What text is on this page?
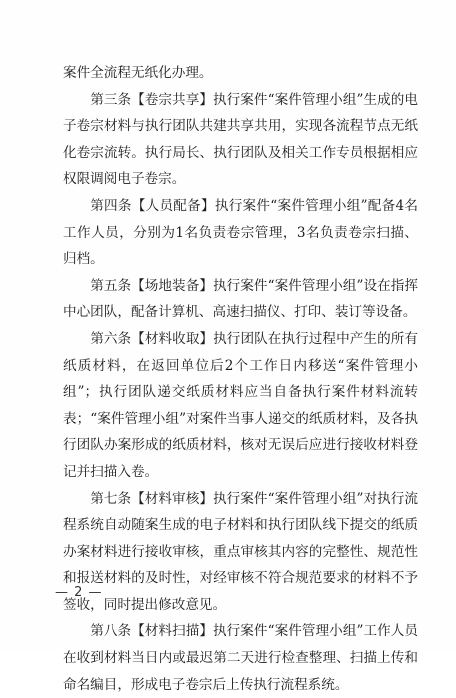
案件全流程无纸化办理。

第三条【卷宗共享】执行案件“案件管理小组”生成的电子卷宗材料与执行团队共建共享共用，实现各流程节点无纸化卷宗流转。执行局长、执行团队及相关工作专员根据相应权限调阅电子卷宗。

第四条【人员配备】执行案件“案件管理小组”配备4名工作人员，分别为1名负责卷宗管理，3名负责卷宗扫描、归档。

第五条【场地装备】执行案件“案件管理小组”设在指挥中心团队，配备计算机、高速扫描仪、打印、装订等设备。

第六条【材料收取】执行团队在执行过程中产生的所有纸质材料，在返回单位后2个工作日内移送“案件管理小组”；执行团队递交纸质材料应当自备执行案件材料流转表；“案件管理小组”对案件当事人递交的纸质材料，及各执行团队办案形成的纸质材料，核对无误后应进行接收材料登记并扫描入卷。

第七条【材料审核】执行案件“案件管理小组”对执行流程系统自动随案生成的电子材料和执行团队线下提交的纸质办案材料进行接收审核，重点审核其内容的完整性、规范性和报送材料的及时性，对经审核不符合规范要求的材料不予签收，同时提出修改意见。

第八条【材料扫描】执行案件“案件管理小组”工作人员在收到材料当日内或最迟第二天进行检查整理、扫描上传和命名编目，形成电子卷宗后上传执行流程系统。

— 2 —
